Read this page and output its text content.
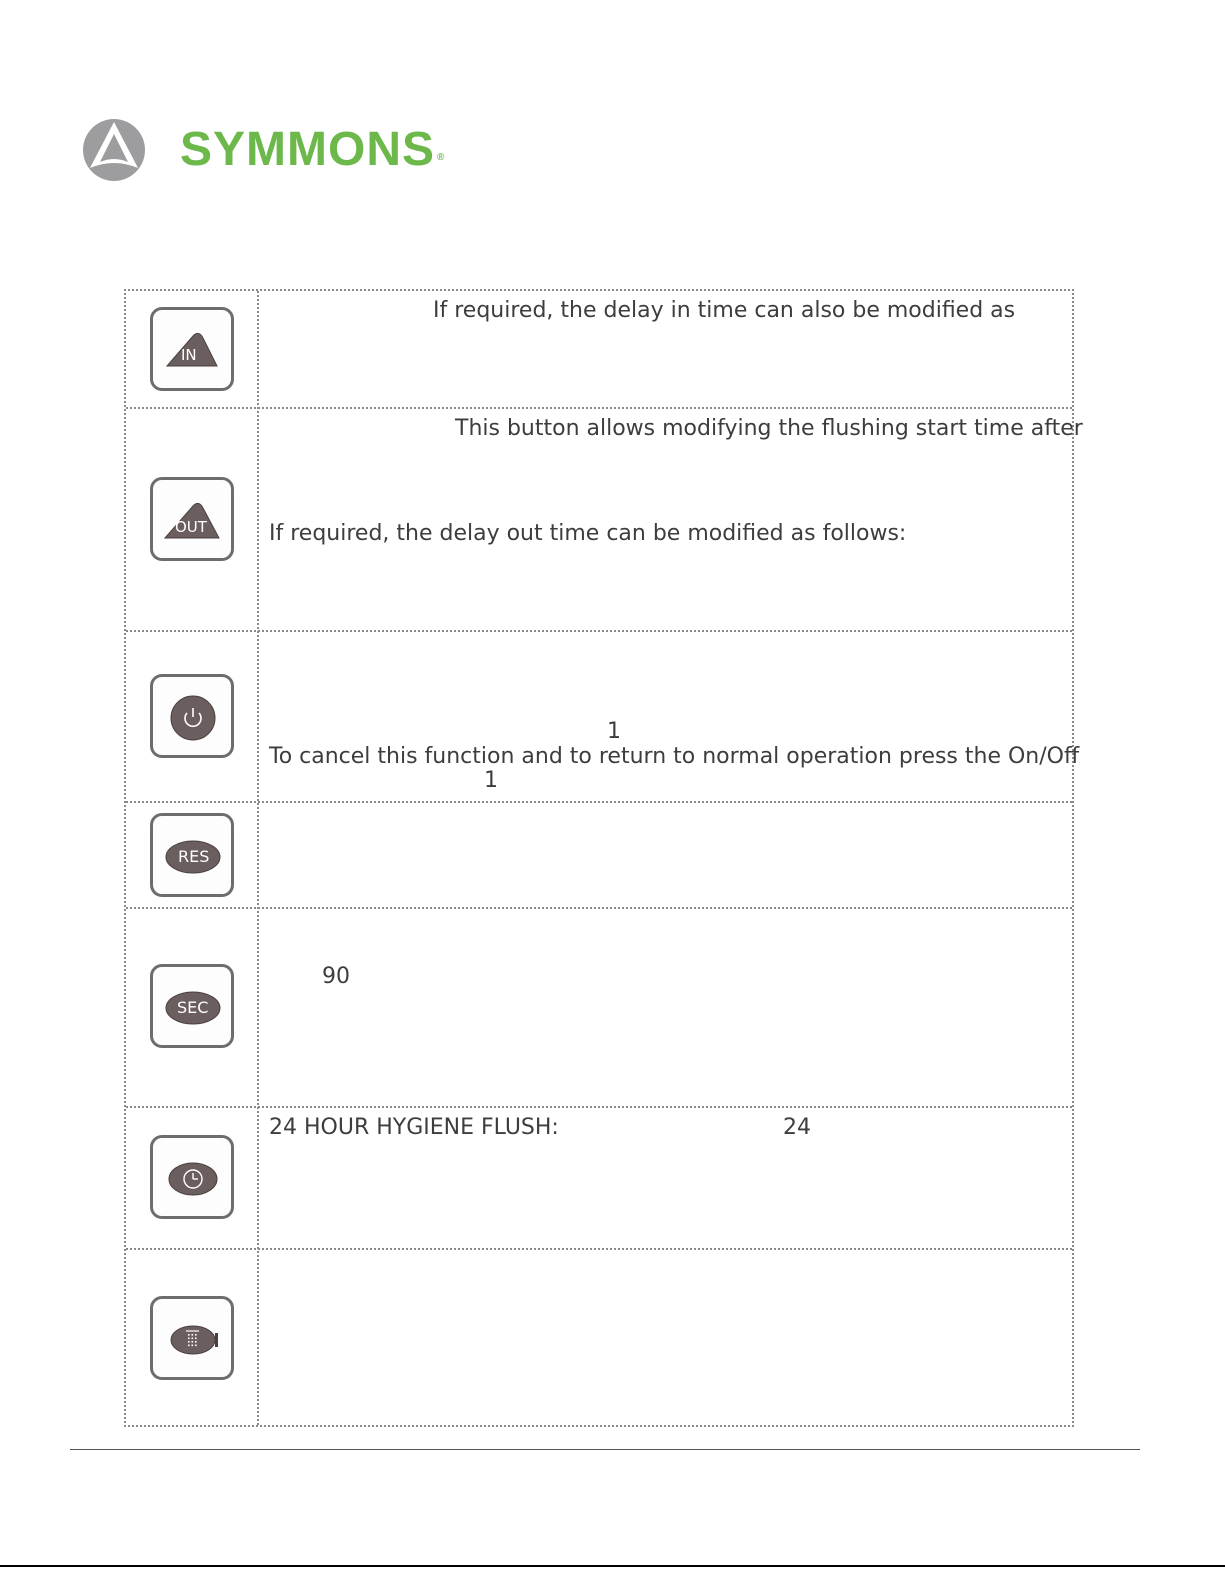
SYMMONS ®
IN
If required, the delay in time can also be modified as
OUT
This button allows modifying the flushing start time after
If required, the delay out time can be modified as follows:
1
To cancel this function and to return to normal operation press the On/Off
1
RES
SEC
90
24 HOUR HYGIENE FLUSH:	24
